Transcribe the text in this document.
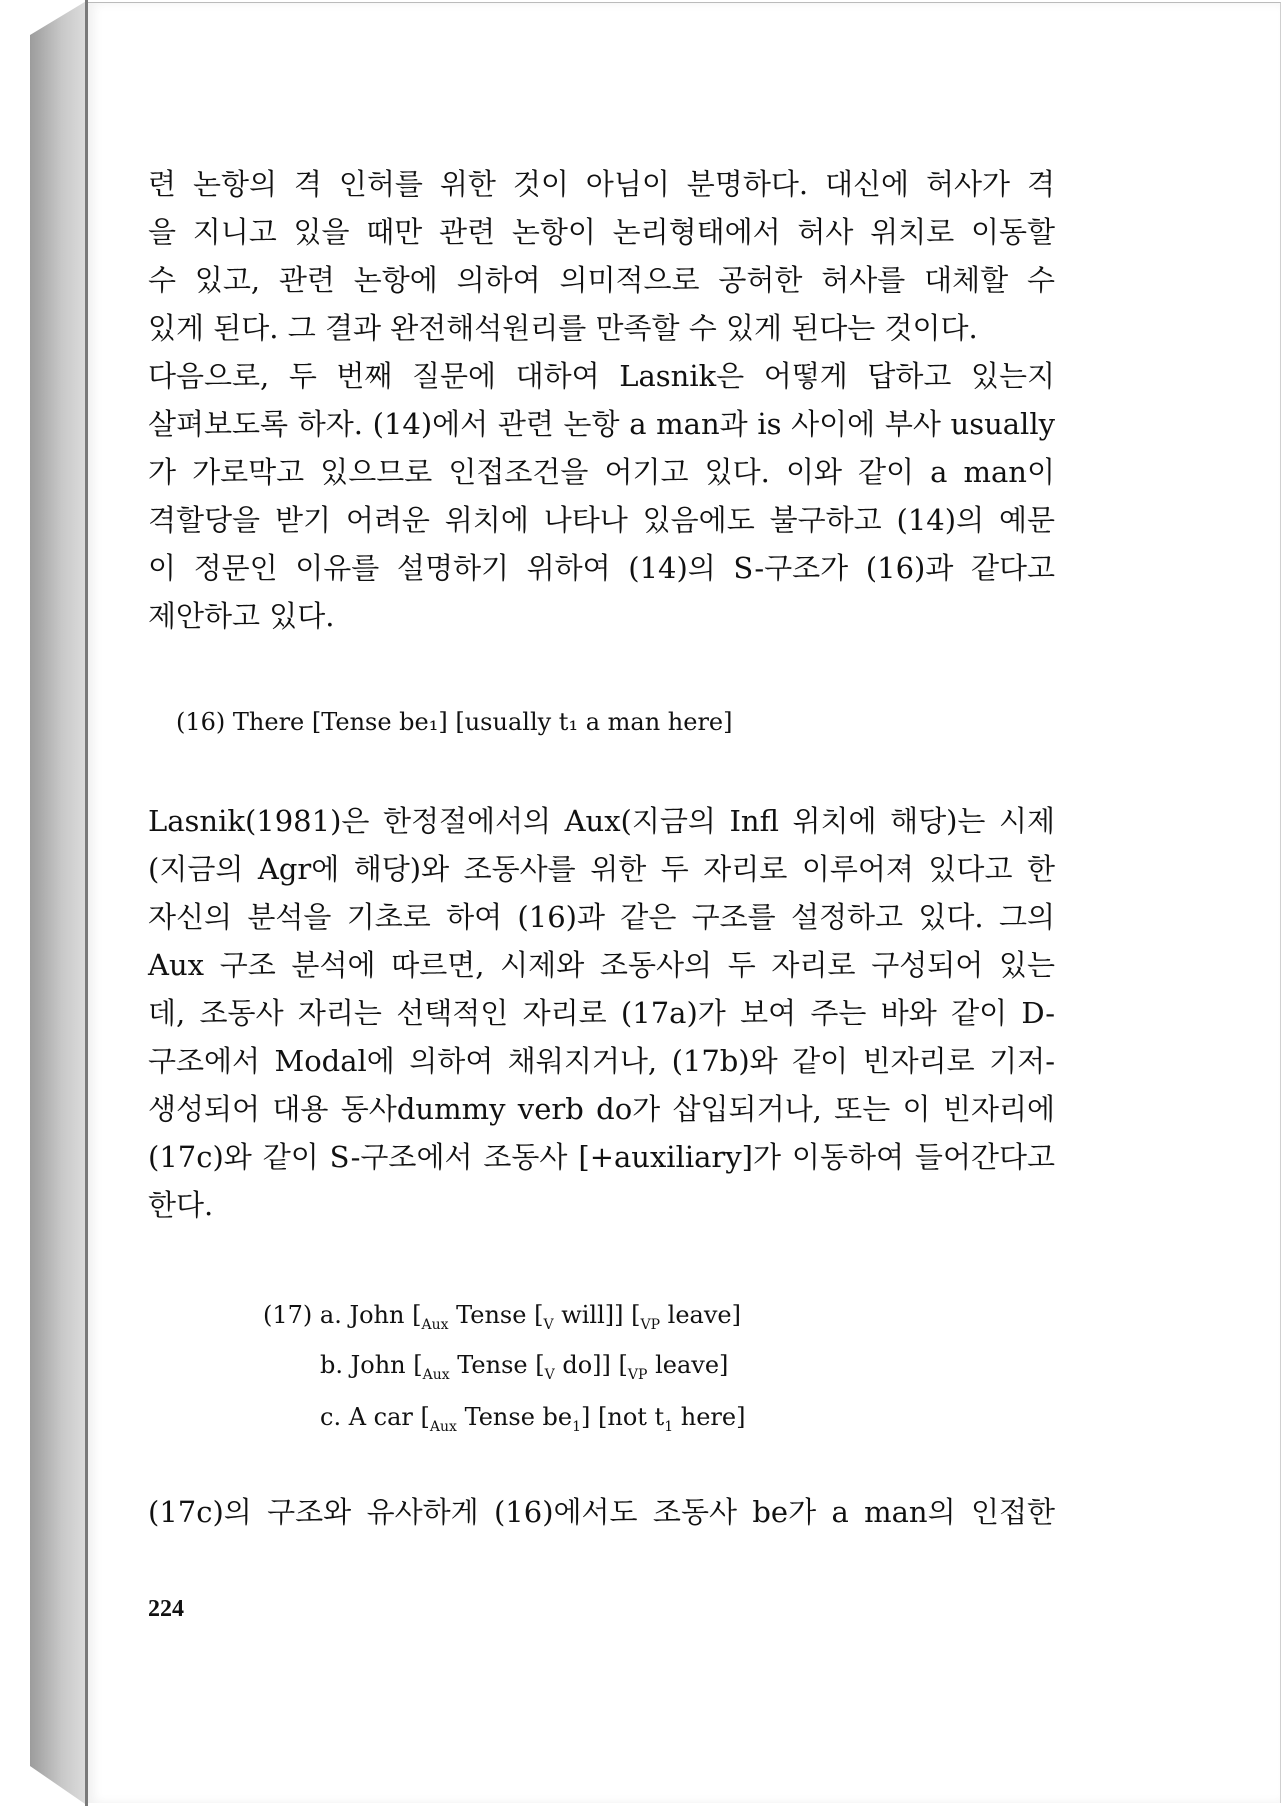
련 논항의 격 인허를 위한 것이 아님이 분명하다. 대신에 허사가 격
을 지니고 있을 때만 관련 논항이 논리형태에서 허사 위치로 이동할
수 있고, 관련 논항에 의하여 의미적으로 공허한 허사를 대체할 수
있게 된다. 그 결과 완전해석원리를 만족할 수 있게 된다는 것이다.
다음으로, 두 번째 질문에 대하여 Lasnik은 어떻게 답하고 있는지
살펴보도록 하자. (14)에서 관련 논항 a man과 is 사이에 부사 usually
가 가로막고 있으므로 인접조건을 어기고 있다. 이와 같이 a man이
격할당을 받기 어려운 위치에 나타나 있음에도 불구하고 (14)의 예문
이 정문인 이유를 설명하기 위하여 (14)의 S-구조가 (16)과 같다고
제안하고 있다.
(16) There [Tense be₁] [usually t₁ a man here]
Lasnik(1981)은 한정절에서의 Aux(지금의 Infl 위치에 해당)는 시제
(지금의 Agr에 해당)와 조동사를 위한 두 자리로 이루어져 있다고 한
자신의 분석을 기초로 하여 (16)과 같은 구조를 설정하고 있다. 그의
Aux 구조 분석에 따르면, 시제와 조동사의 두 자리로 구성되어 있는
데, 조동사 자리는 선택적인 자리로 (17a)가 보여 주는 바와 같이 D-
구조에서 Modal에 의하여 채워지거나, (17b)와 같이 빈자리로 기저-
생성되어 대용 동사dummy verb do가 삽입되거나, 또는 이 빈자리에
(17c)와 같이 S-구조에서 조동사 [+auxiliary]가 이동하여 들어간다고
한다.
(17) a. John [$_{Aux}$ Tense [$_V$ will]] [$_{VP}$ leave]
b. John [$_{Aux}$ Tense [$_V$ do]] [$_{VP}$ leave]
c. A car [$_{Aux}$ Tense $be_1$] [not $t_1$ here]
(17c)의 구조와 유사하게 (16)에서도 조동사 be가 a man의 인접한
224
